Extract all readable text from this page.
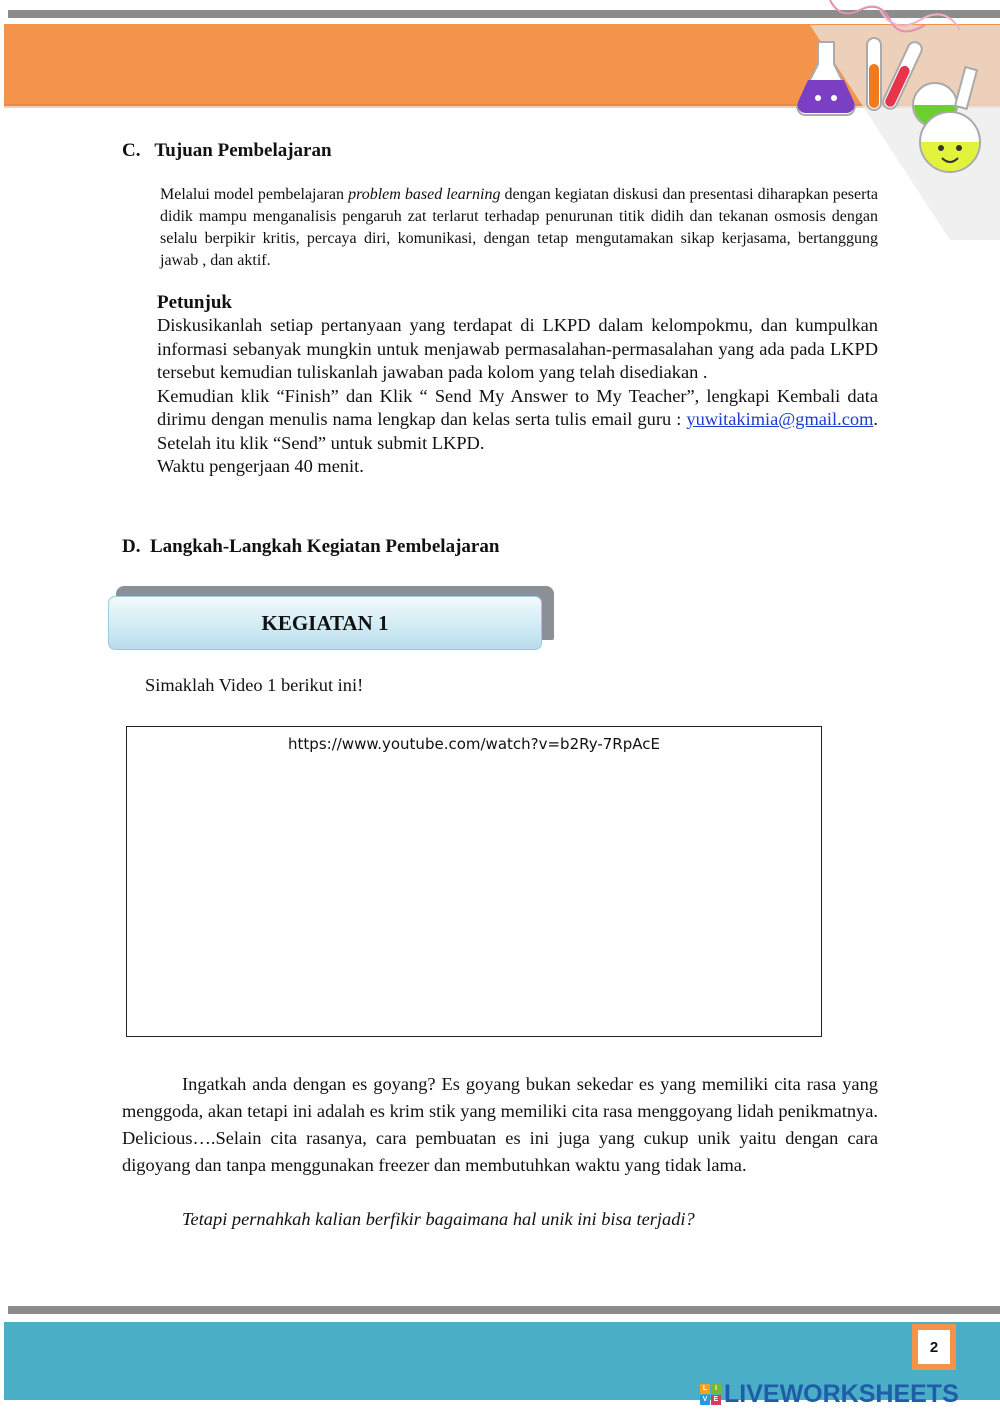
C.   Tujuan Pembelajaran
Melalui model pembelajaran problem based learning dengan kegiatan diskusi dan presentasi diharapkan peserta didik mampu menganalisis pengaruh zat terlarut terhadap penurunan titik didih dan tekanan osmosis dengan selalu berpikir kritis, percaya diri, komunikasi, dengan tetap mengutamakan sikap kerjasama, bertanggung jawab , dan aktif.
Petunjuk
Diskusikanlah setiap pertanyaan yang terdapat di LKPD dalam kelompokmu, dan kumpulkan informasi sebanyak mungkin untuk menjawab permasalahan-permasalahan yang ada pada LKPD tersebut kemudian tuliskanlah jawaban pada kolom yang telah disediakan .
Kemudian klik “Finish” dan Klik “ Send My Answer to My Teacher”, lengkapi Kembali data dirimu dengan menulis nama lengkap dan kelas serta tulis email guru : yuwitakimia@gmail.com. Setelah itu klik “Send” untuk submit LKPD.
Waktu pengerjaan 40 menit.
D.  Langkah-Langkah Kegiatan Pembelajaran
KEGIATAN 1
Simaklah Video 1 berikut ini!
https://www.youtube.com/watch?v=b2Ry-7RpAcE
Ingatkah anda dengan es goyang? Es goyang bukan sekedar es yang memiliki cita rasa yang menggoda, akan tetapi ini adalah es krim stik yang memiliki cita rasa menggoyang lidah penikmatnya. Delicious….Selain cita rasanya, cara pembuatan es ini juga yang cukup unik yaitu dengan cara digoyang dan tanpa menggunakan freezer dan membutuhkan waktu yang tidak lama.
Tetapi pernahkah kalian berfikir bagaimana hal unik ini bisa terjadi?
2
L	I
V E LIVEWORKSHEETS
